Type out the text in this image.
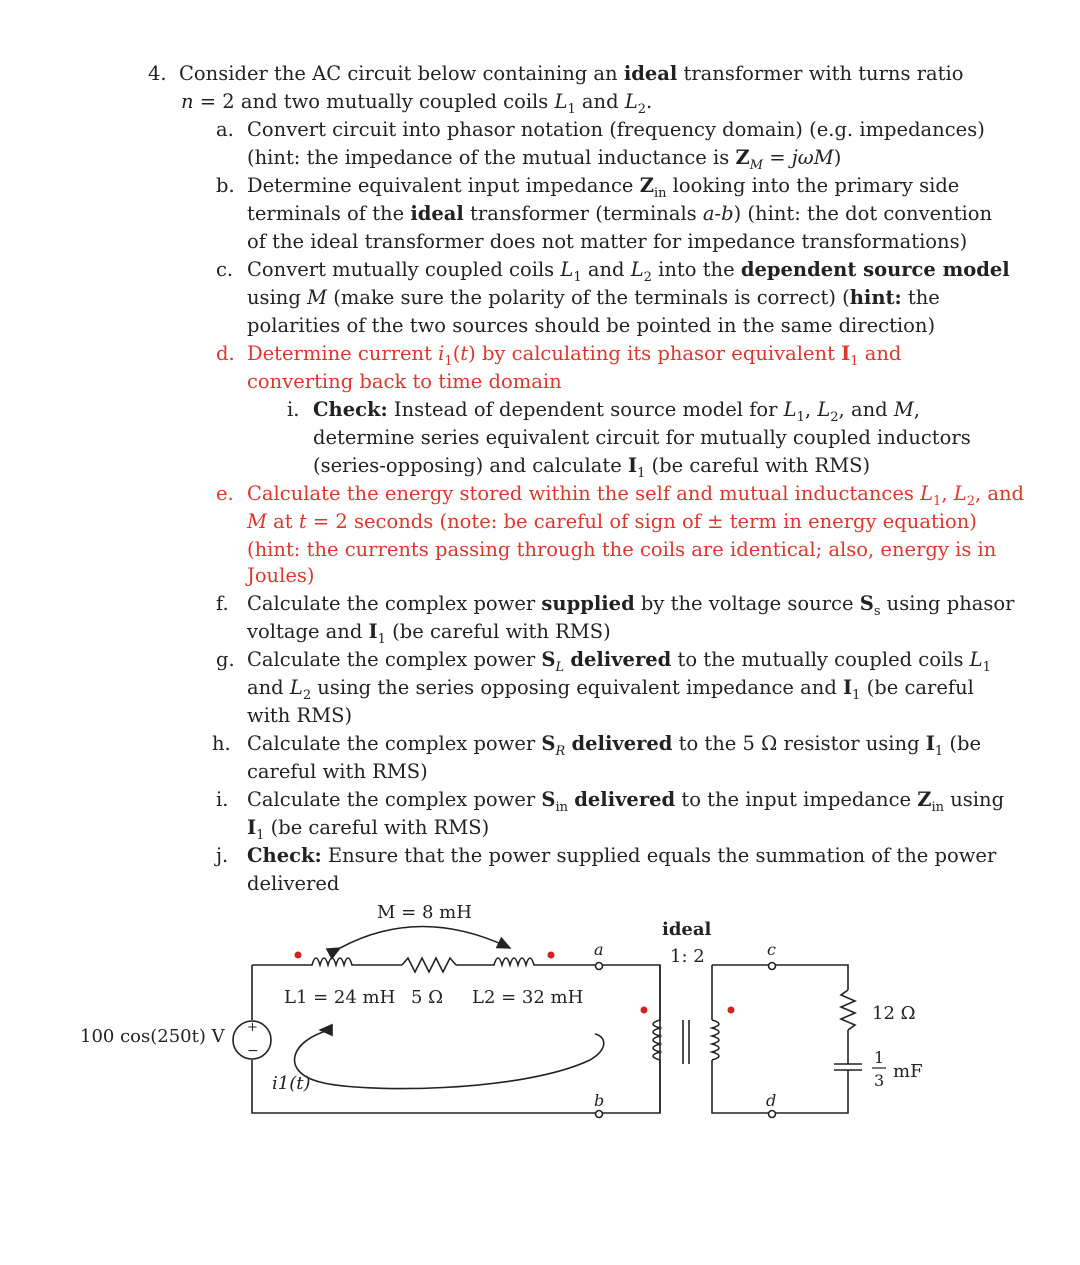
4. Consider the AC circuit below containing an ideal transformer with turns ratio
n = 2 and two mutually coupled coils $L_1$ and $L_2$.
a. Convert circuit into phasor notation (frequency domain) (e.g. impedances)
(hint: the impedance of the mutual inductance is $Z_M = j\omega M$)
b. Determine equivalent input impedance $Z_{in}$ looking into the primary side
terminals of the ideal transformer (terminals a-b) (hint: the dot convention
of the ideal transformer does not matter for impedance transformations)
c. Convert mutually coupled coils $L_1$ and $L_2$ into the dependent source model
using M (make sure the polarity of the terminals is correct) (hint: the
polarities of the two sources should be pointed in the same direction)
d. Determine current $i_1(t)$ by calculating its phasor equivalent $I_1$ and
converting back to time domain
i. Check: Instead of dependent source model for $L_1$, $L_2$, and M,
determine series equivalent circuit for mutually coupled inductors
(series-opposing) and calculate $I_1$ (be careful with RMS)
e. Calculate the energy stored within the self and mutual inductances $L_1$, $L_2$, and
M at t = 2 seconds (note: be careful of sign of ± term in energy equation)
(hint: the currents passing through the coils are identical; also, energy is in
Joules)
f. Calculate the complex power supplied by the voltage source $S_s$ using phasor
voltage and $I_1$ (be careful with RMS)
g. Calculate the complex power $S_L$ delivered to the mutually coupled coils $L_1$
and $L_2$ using the series opposing equivalent impedance and $I_1$ (be careful
with RMS)
h. Calculate the complex power $S_R$ delivered to the 5 Ω resistor using $I_1$ (be
careful with RMS)
i. Calculate the complex power $S_{in}$ delivered to the input impedance $Z_{in}$ using
$I_1$ (be careful with RMS)
j. Check: Ensure that the power supplied equals the summation of the power
delivered
+
−
M = 8 mH
L1 = 24 mH 5 Ω L2 = 32 mH
100 cos(250t) V
i1(t)
ideal
1: 2
a
b
c
d
12 Ω
1
3 mF
